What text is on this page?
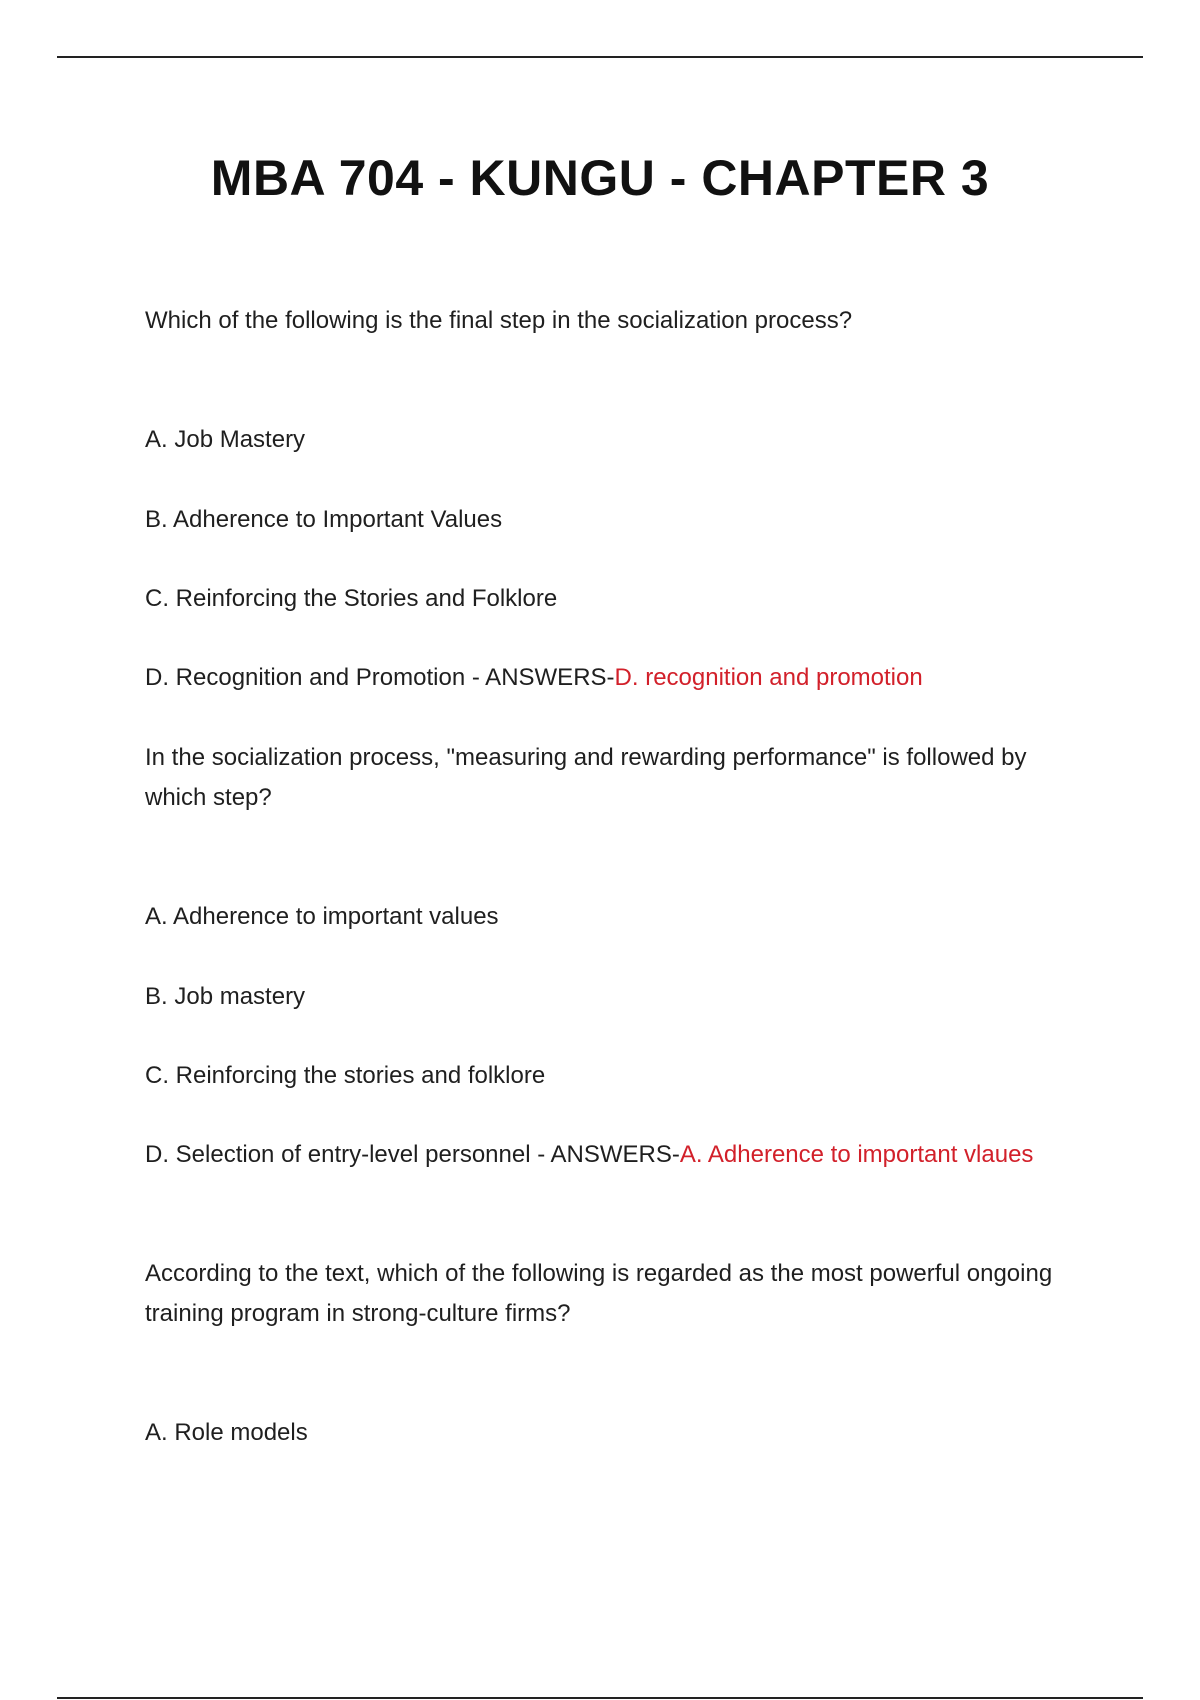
MBA 704 - KUNGU - CHAPTER 3
Which of the following is the final step in the socialization process?
A. Job Mastery
B. Adherence to Important Values
C. Reinforcing the Stories and Folklore
D. Recognition and Promotion - ANSWERS-D. recognition and promotion
In the socialization process, "measuring and rewarding performance" is followed by which step?
A. Adherence to important values
B. Job mastery
C. Reinforcing the stories and folklore
D. Selection of entry-level personnel - ANSWERS-A. Adherence to important vlaues
According to the text, which of the following is regarded as the most powerful ongoing training program in strong-culture firms?
A. Role models
